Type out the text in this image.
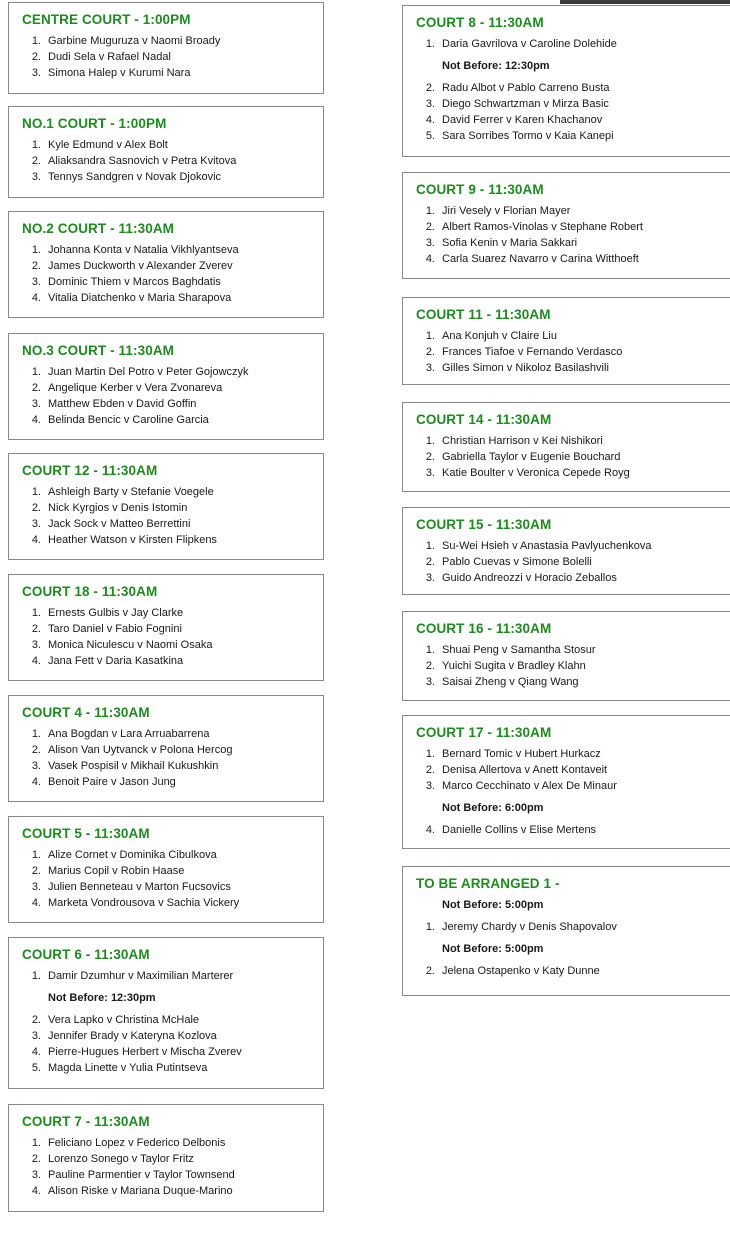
CENTRE COURT - 1:00PM
1. Garbine Muguruza v Naomi Broady
2. Dudi Sela v Rafael Nadal
3. Simona Halep v Kurumi Nara
NO.1 COURT - 1:00PM
1. Kyle Edmund v Alex Bolt
2. Aliaksandra Sasnovich v Petra Kvitova
3. Tennys Sandgren v Novak Djokovic
NO.2 COURT - 11:30AM
1. Johanna Konta v Natalia Vikhlyantseva
2. James Duckworth v Alexander Zverev
3. Dominic Thiem v Marcos Baghdatis
4. Vitalia Diatchenko v Maria Sharapova
NO.3 COURT - 11:30AM
1. Juan Martin Del Potro v Peter Gojowczyk
2. Angelique Kerber v Vera Zvonareva
3. Matthew Ebden v David Goffin
4. Belinda Bencic v Caroline Garcia
COURT 12 - 11:30AM
1. Ashleigh Barty v Stefanie Voegele
2. Nick Kyrgios v Denis Istomin
3. Jack Sock v Matteo Berrettini
4. Heather Watson v Kirsten Flipkens
COURT 18 - 11:30AM
1. Ernests Gulbis v Jay Clarke
2. Taro Daniel v Fabio Fognini
3. Monica Niculescu v Naomi Osaka
4. Jana Fett v Daria Kasatkina
COURT 4 - 11:30AM
1. Ana Bogdan v Lara Arruabarrena
2. Alison Van Uytvanck v Polona Hercog
3. Vasek Pospisil v Mikhail Kukushkin
4. Benoit Paire v Jason Jung
COURT 5 - 11:30AM
1. Alize Cornet v Dominika Cibulkova
2. Marius Copil v Robin Haase
3. Julien Benneteau v Marton Fucsovics
4. Marketa Vondrousova v Sachia Vickery
COURT 6 - 11:30AM
1. Damir Dzumhur v Maximilian Marterer
Not Before: 12:30pm
2. Vera Lapko v Christina McHale
3. Jennifer Brady v Kateryna Kozlova
4. Pierre-Hugues Herbert v Mischa Zverev
5. Magda Linette v Yulia Putintseva
COURT 7 - 11:30AM
1. Feliciano Lopez v Federico Delbonis
2. Lorenzo Sonego v Taylor Fritz
3. Pauline Parmentier v Taylor Townsend
4. Alison Riske v Mariana Duque-Marino
COURT 8 - 11:30AM
1. Daria Gavrilova v Caroline Dolehide
Not Before: 12:30pm
2. Radu Albot v Pablo Carreno Busta
3. Diego Schwartzman v Mirza Basic
4. David Ferrer v Karen Khachanov
5. Sara Sorribes Tormo v Kaia Kanepi
COURT 9 - 11:30AM
1. Jiri Vesely v Florian Mayer
2. Albert Ramos-Vinolas v Stephane Robert
3. Sofia Kenin v Maria Sakkari
4. Carla Suarez Navarro v Carina Witthoeft
COURT 11 - 11:30AM
1. Ana Konjuh v Claire Liu
2. Frances Tiafoe v Fernando Verdasco
3. Gilles Simon v Nikoloz Basilashvili
COURT 14 - 11:30AM
1. Christian Harrison v Kei Nishikori
2. Gabriella Taylor v Eugenie Bouchard
3. Katie Boulter v Veronica Cepede Royg
COURT 15 - 11:30AM
1. Su-Wei Hsieh v Anastasia Pavlyuchenkova
2. Pablo Cuevas v Simone Bolelli
3. Guido Andreozzi v Horacio Zeballos
COURT 16 - 11:30AM
1. Shuai Peng v Samantha Stosur
2. Yuichi Sugita v Bradley Klahn
3. Saisai Zheng v Qiang Wang
COURT 17 - 11:30AM
1. Bernard Tomic v Hubert Hurkacz
2. Denisa Allertova v Anett Kontaveit
3. Marco Cecchinato v Alex De Minaur
Not Before: 6:00pm
4. Danielle Collins v Elise Mertens
TO BE ARRANGED 1 -
Not Before: 5:00pm
1. Jeremy Chardy v Denis Shapovalov
Not Before: 5:00pm
2. Jelena Ostapenko v Katy Dunne
